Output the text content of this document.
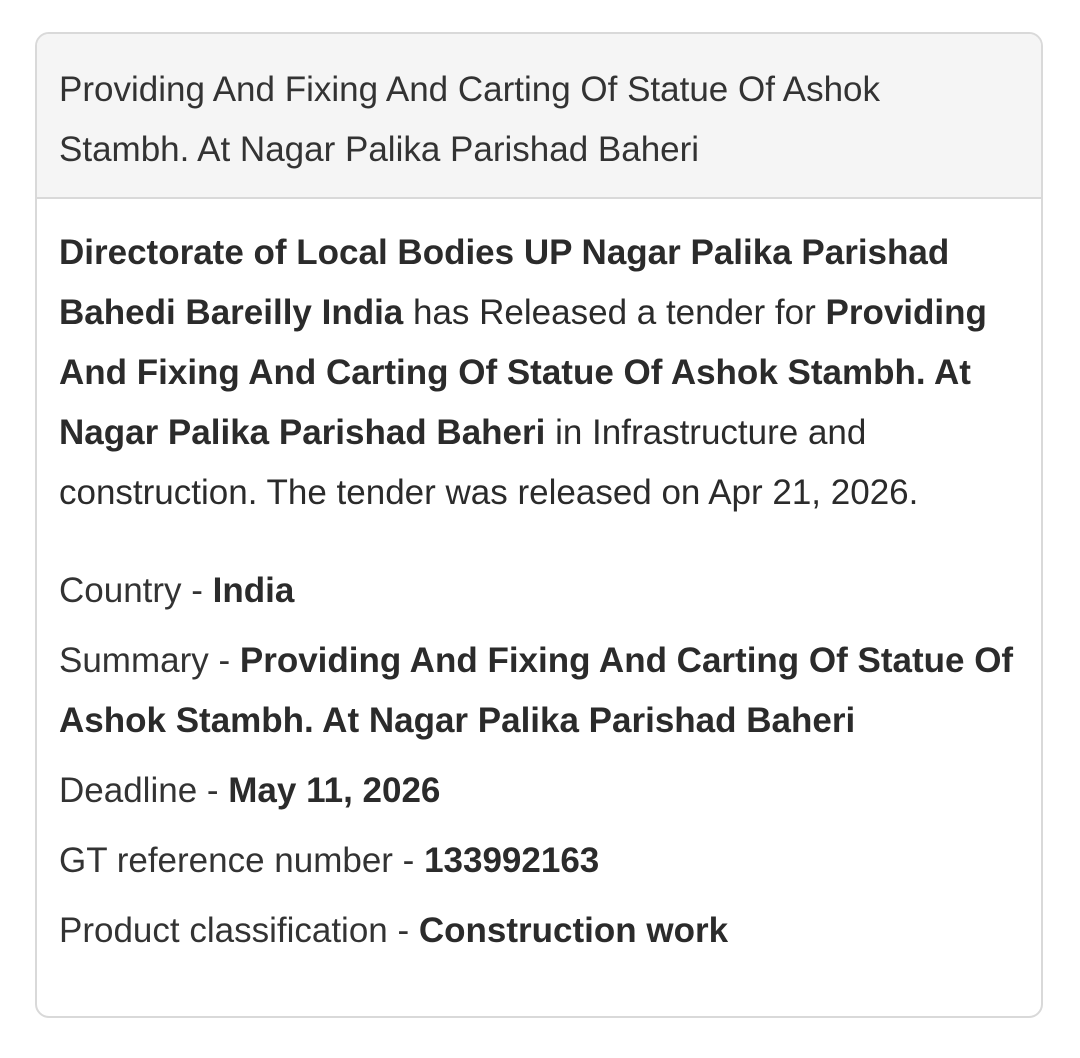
Providing And Fixing And Carting Of Statue Of Ashok Stambh. At Nagar Palika Parishad Baheri

Directorate of Local Bodies UP Nagar Palika Parishad Bahedi Bareilly India has Released a tender for Providing And Fixing And Carting Of Statue Of Ashok Stambh. At Nagar Palika Parishad Baheri in Infrastructure and construction. The tender was released on Apr 21, 2026.

Country - India

Summary - Providing And Fixing And Carting Of Statue Of Ashok Stambh. At Nagar Palika Parishad Baheri

Deadline - May 11, 2026

GT reference number - 133992163

Product classification - Construction work
